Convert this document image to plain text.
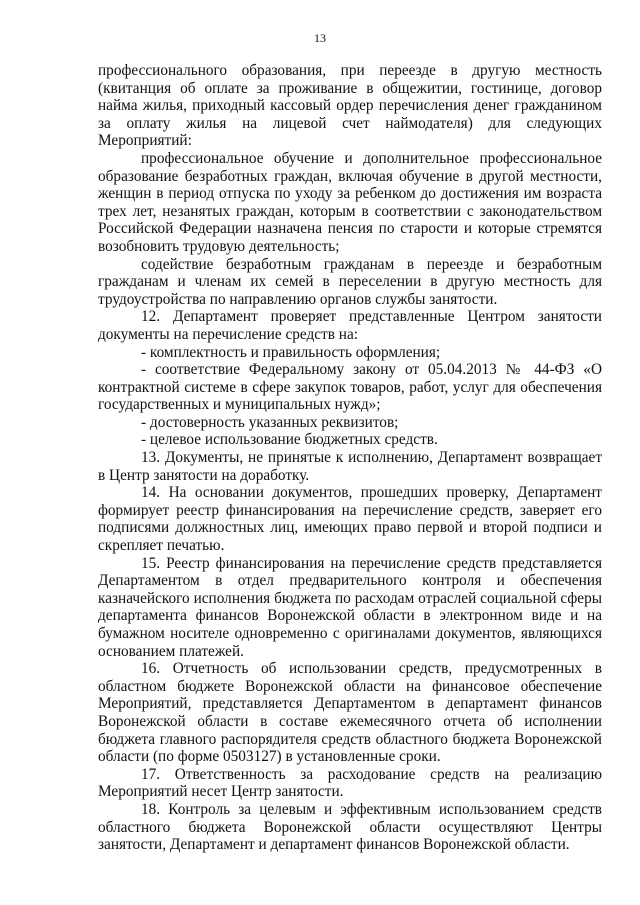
13

профессионального образования, при переезде в другую местность (квитанция об оплате за проживание в общежитии, гостинице, договор найма жилья, приходный кассовый ордер перечисления денег гражданином за оплату жилья на лицевой счет наймодателя) для следующих Мероприятий:

профессиональное обучение и дополнительное профессиональное образование безработных граждан, включая обучение в другой местности, женщин в период отпуска по уходу за ребенком до достижения им возраста трех лет, незанятых граждан, которым в соответствии с законодательством Российской Федерации назначена пенсия по старости и которые стремятся возобновить трудовую деятельность;

содействие безработным гражданам в переезде и безработным гражданам и членам их семей в переселении в другую местность для трудоустройства по направлению органов службы занятости.

12. Департамент проверяет представленные Центром занятости документы на перечисление средств на:

- комплектность и правильность оформления;

- соответствие Федеральному закону от 05.04.2013 № 44-ФЗ «О контрактной системе в сфере закупок товаров, работ, услуг для обеспечения государственных и муниципальных нужд»;

- достоверность указанных реквизитов;

- целевое использование бюджетных средств.

13. Документы, не принятые к исполнению, Департамент возвращает в Центр занятости на доработку.

14. На основании документов, прошедших проверку, Департамент формирует реестр финансирования на перечисление средств, заверяет его подписями должностных лиц, имеющих право первой и второй подписи и скрепляет печатью.

15. Реестр финансирования на перечисление средств представляется Департаментом в отдел предварительного контроля и обеспечения казначейского исполнения бюджета по расходам отраслей социальной сферы департамента финансов Воронежской области в электронном виде и на бумажном носителе одновременно с оригиналами документов, являющихся основанием платежей.

16. Отчетность об использовании средств, предусмотренных в областном бюджете Воронежской области на финансовое обеспечение Мероприятий, представляется Департаментом в департамент финансов Воронежской области в составе ежемесячного отчета об исполнении бюджета главного распорядителя средств областного бюджета Воронежской области (по форме 0503127) в установленные сроки.

17. Ответственность за расходование средств на реализацию Мероприятий несет Центр занятости.

18. Контроль за целевым и эффективным использованием средств областного бюджета Воронежской области осуществляют Центры занятости, Департамент и департамент финансов Воронежской области.
